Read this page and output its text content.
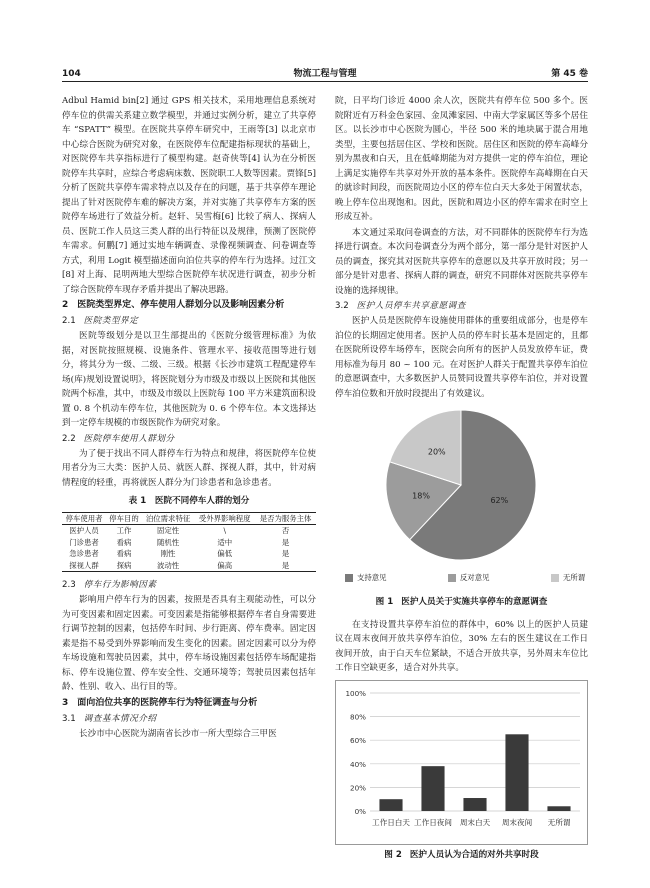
104	物流工程与管理	第 45 卷

Adbul Hamid bin[2] 通过 GPS 相关技术，采用地理信息系统对停车位的供需关系建立数学模型，并通过实例分析，建立了共享停车 “SPATT” 模型。在医院共享停车研究中，王雨等[3] 以北京市中心综合医院为研究对象，在医院停车位配建指标现状的基础上，对医院停车共享指标进行了模型构建。赵奇侠等[4] 认为在分析医院停车共享时，应综合考虑病床数、医院职工人数等因素。贾锋[5] 分析了医院共享停车需求特点以及存在的问题，基于共享停车理论提出了针对医院停车难的解决方案，并对实施了共享停车方案的医院停车场进行了效益分析。赵轩、吴雪梅[6] 比较了病人、探病人员、医院工作人员这三类人群的出行特征以及规律，预测了医院停车需求。何鹏[7] 通过实地车辆调查、录像视频调查、问卷调查等方式，利用 Logit 模型描述面向泊位共享的停车行为选择。过江文[8] 对上海、昆明两地大型综合医院停车状况进行调查，初步分析了综合医院停车现存矛盾并提出了解决思路。

2　医院类型界定、停车使用人群划分以及影响因素分析
2.1 医院类型界定

医院等级划分是以卫生部提出的《医院分级管理标准》为依据，对医院按照规模、设施条件、管理水平、接收范围等进行划分，将其分为一级、二级、三级。根据《长沙市建筑工程配建停车场(库)规划设置说明》，将医院划分为市级及市级以上医院和其他医院两个标准，其中，市级及市级以上医院每 100 平方米建筑面积设置 0. 8 个机动车停车位，其他医院为 0. 6 个停车位。本文选择达到一定停车规模的市级医院作为研究对象。

2.2 医院停车使用人群划分

为了便于找出不同人群停车行为特点和规律，将医院停车位使用者分为三大类：医护人员、就医人群、探视人群，其中，针对病情程度的轻重，再将就医人群分为门诊患者和急诊患者。

表 1　 医院不同停车人群的划分
停车使用者	停车目的	泊位需求特征	受外界影响程度	是否为服务主体
医护人员	工作	固定性	\	否
门诊患者	看病	随机性	适中	是
急诊患者	看病	刚性	偏低	是
探视人群	探病	波动性	偏高	是
2.3 停车行为影响因素

影响用户停车行为的因素，按照是否具有主观能动性，可以分为可变因素和固定因素。可变因素是指能够根据停车者自身需要进行调节控制的因素，包括停车时间、步行距离、停车费率。固定因素是指不易受到外界影响而发生变化的因素。固定因素可以分为停车场设施和驾驶员因素，其中，停车场设施因素包括停车场配建指标、停车设施位置、停车安全性、交通环境等；驾驶员因素包括年龄、性别、收入、出行目的等。

3　面向泊位共享的医院停车行为特征调查与分析
3.1 调查基本情况介绍

长沙市中心医院为湖南省长沙市一所大型综合三甲医

院，日平均门诊近 4000 余人次，医院共有停车位 500 多个。医院附近有万科金色家园、金凤滩家园、中南大学家属区等多个居住区。以长沙市中心医院为圆心，半径 500 米的地块属于混合用地类型，主要包括居住区、学校和医院。居住区和医院的停车高峰分别为黑夜和白天，且在低峰期能为对方提供一定的停车泊位，理论上满足实施停车共享对外开放的基本条件。医院停车高峰期在白天的就诊时间段，而医院周边小区的停车位白天大多处于闲置状态，晚上停车位出现饱和。因此，医院和周边小区的停车需求在时空上形成互补。

本文通过采取问卷调查的方法，对不同群体的医院停车行为选择进行调查。本次问卷调查分为两个部分，第一部分是针对医护人员的调查，探究其对医院共享停车的意愿以及共享开放时段；另一部分是针对患者、探病人群的调查，研究不同群体对医院共享停车设施的选择规律。

3.2 医护人员停车共享意愿调查

医护人员是医院停车设施使用群体的重要组成部分，也是停车泊位的长期固定使用者。医护人员的停车时长基本是固定的，且都在医院所设停车场停车，医院会向所有的医护人员发放停车证，费用标准为每月 80 ~ 100 元。在对医护人群关于配置共享停车泊位的意愿调查中，大多数医护人员赞同设置共享停车泊位，并对设置停车泊位数和开放时段提出了有效建议。

62%
18%
20%
支持意见	反对意见	无所谓
图 1 医护人员关于实施共享停车的意愿调查

在支持设置共享停车泊位的群体中，60% 以上的医护人员建议在周末夜间开放共享停车泊位，30% 左右的医生建议在工作日夜间开放，由于白天车位紧缺，不适合开放共享，另外周末车位比工作日空缺更多，适合对外共享。

0%
20%
40%
60%
80%
100%
工作日白天 工作日夜间 周末白天 周末夜间 无所谓
图 2 医护人员认为合适的对外共享时段
